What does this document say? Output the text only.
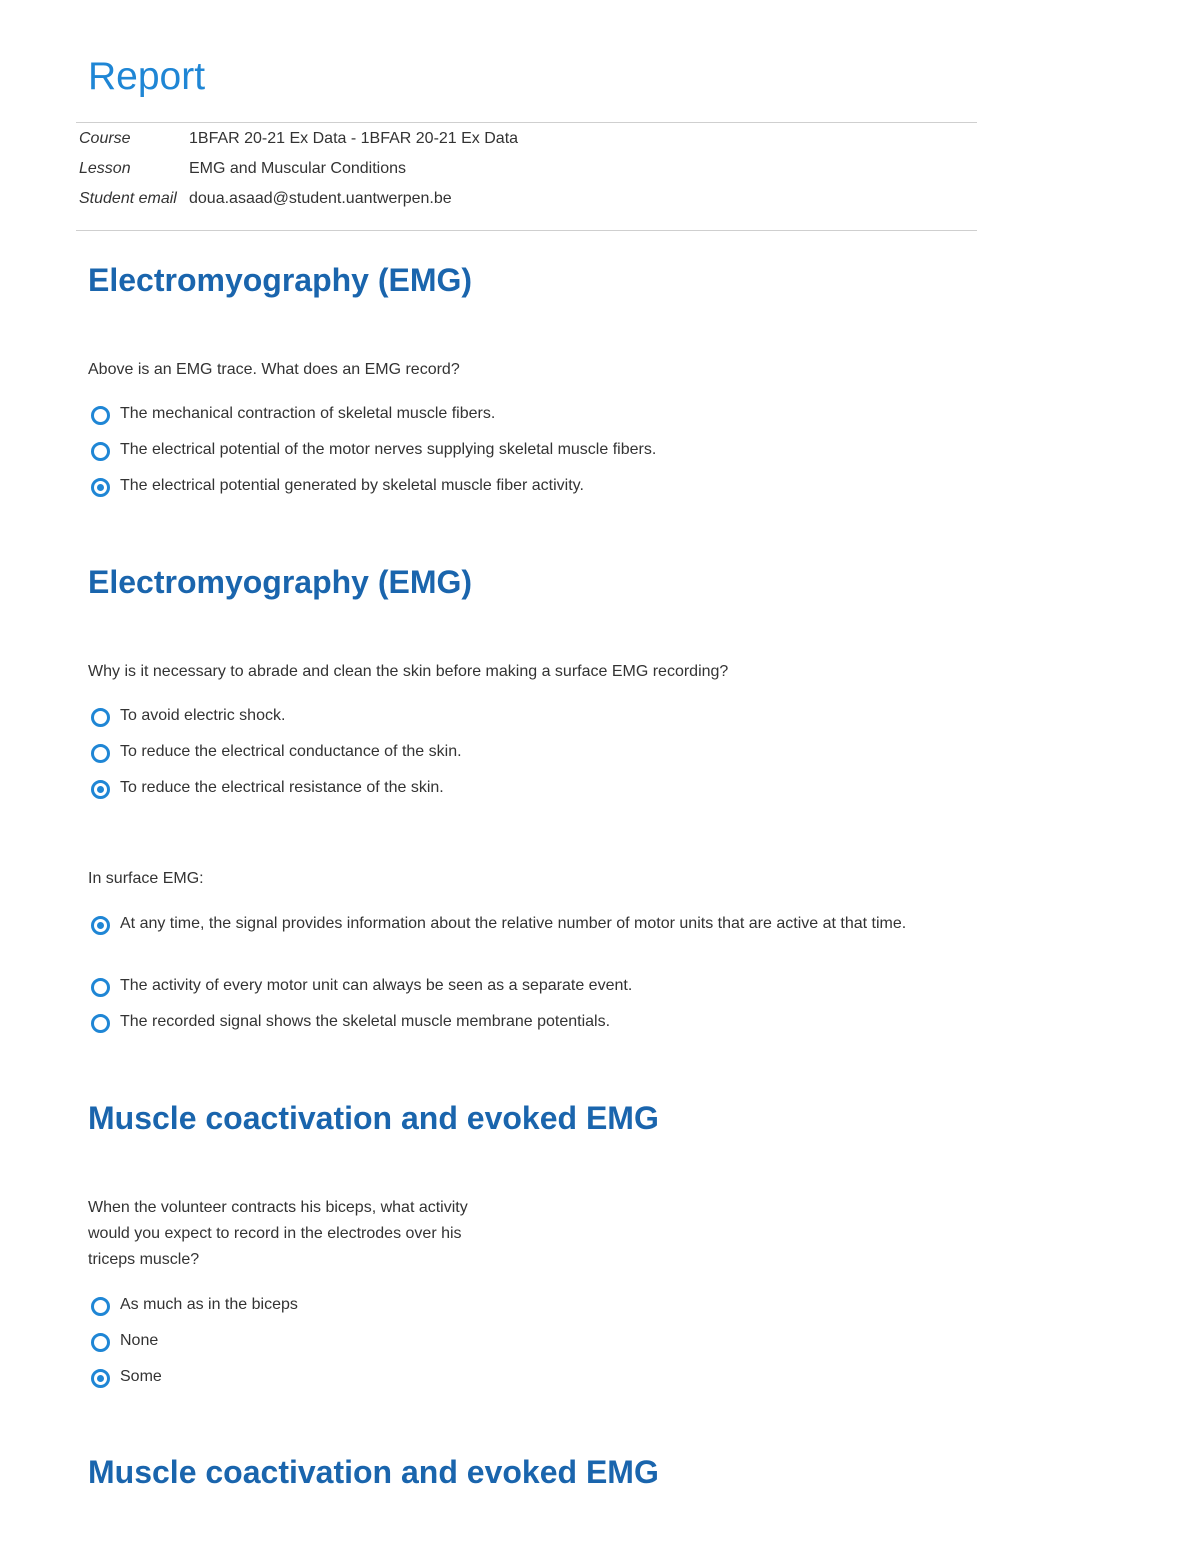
Report
Course	1BFAR 20-21 Ex Data - 1BFAR 20-21 Ex Data
Lesson	EMG and Muscular Conditions
Student email doua.asaad@student.uantwerpen.be
Electromyography (EMG)
Above is an EMG trace. What does an EMG record?
The mechanical contraction of skeletal muscle fibers.
The electrical potential of the motor nerves supplying skeletal muscle fibers.
The electrical potential generated by skeletal muscle fiber activity.
Electromyography (EMG)
Why is it necessary to abrade and clean the skin before making a surface EMG recording?
To avoid electric shock.
To reduce the electrical conductance of the skin.
To reduce the electrical resistance of the skin.
In surface EMG:
At any time, the signal provides information about the relative number of motor units that are active at that time.
The activity of every motor unit can always be seen as a separate event.
The recorded signal shows the skeletal muscle membrane potentials.
Muscle coactivation and evoked EMG
When the volunteer contracts his biceps, what activity would you expect to record in the electrodes over his triceps muscle?
As much as in the biceps
None
Some
Muscle coactivation and evoked EMG
